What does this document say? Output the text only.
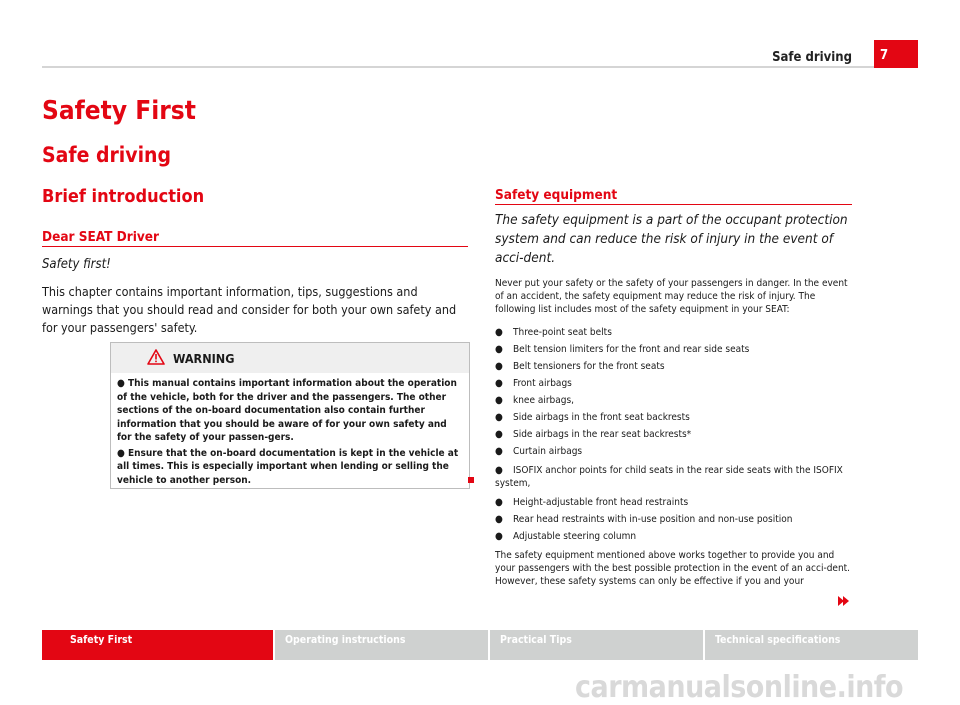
Safe driving	7
Safety First
Safe driving
Brief introduction
Dear SEAT Driver
Safety first!
This chapter contains important information, tips, suggestions and warnings that you should read and consider for both your own safety and for your passengers' safety.
WARNING

● This manual contains important information about the operation of the vehicle, both for the driver and the passengers. The other sections of the on-board documentation also contain further information that you should be aware of for your own safety and for the safety of your passen-gers.

● Ensure that the on-board documentation is kept in the vehicle at all times. This is especially important when lending or selling the vehicle to another person.

Safety equipment
The safety equipment is a part of the occupant protection system and can reduce the risk of injury in the event of acci-dent.
Never put your safety or the safety of your passengers in danger. In the event of an accident, the safety equipment may reduce the risk of injury. The following list includes most of the safety equipment in your SEAT:
● Three-point seat belts
● Belt tension limiters for the front and rear side seats
● Belt tensioners for the front seats
● Front airbags
● knee airbags,
● Side airbags in the front seat backrests
● Side airbags in the rear seat backrests*
● Curtain airbags
● ISOFIX anchor points for child seats in the rear side seats with the ISOFIX system,
● Height-adjustable front head restraints
● Rear head restraints with in-use position and non-use position
● Adjustable steering column
The safety equipment mentioned above works together to provide you and your passengers with the best possible protection in the event of an acci-dent. However, these safety systems can only be effective if you and your
Safety First	Operating instructions	Practical Tips	Technical specifications
carmanualsonline.info
